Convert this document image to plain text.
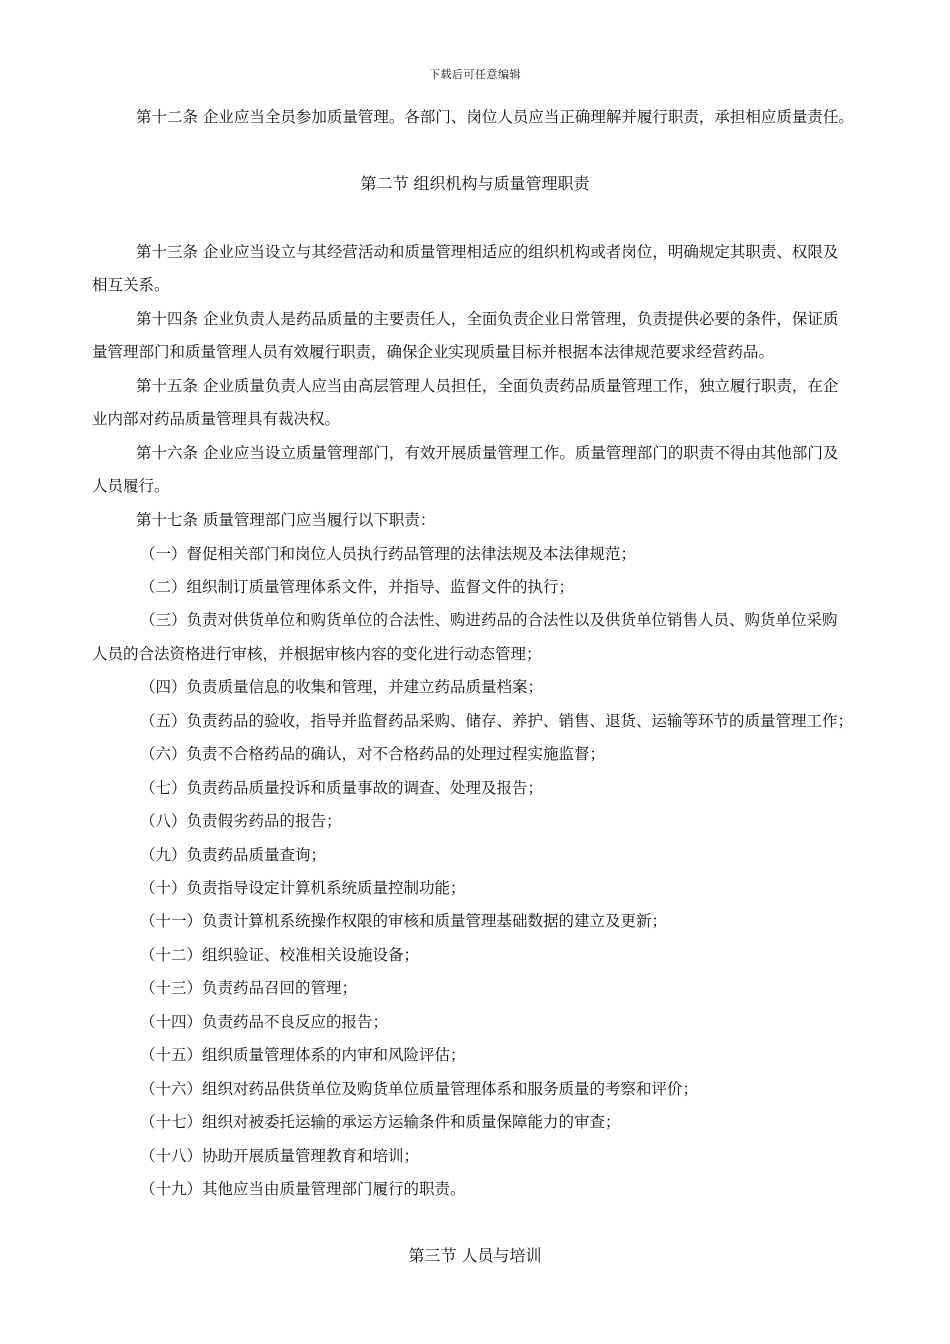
下载后可任意编辑
第十二条 企业应当全员参加质量管理。各部门、岗位人员应当正确理解并履行职责，承担相应质量责任。
第二节 组织机构与质量管理职责
第十三条 企业应当设立与其经营活动和质量管理相适应的组织机构或者岗位，明确规定其职责、权限及
相互关系。
第十四条 企业负责人是药品质量的主要责任人，全面负责企业日常管理，负责提供必要的条件，保证质
量管理部门和质量管理人员有效履行职责，确保企业实现质量目标并根据本法律规范要求经营药品。
第十五条 企业质量负责人应当由高层管理人员担任，全面负责药品质量管理工作，独立履行职责，在企
业内部对药品质量管理具有裁决权。
第十六条 企业应当设立质量管理部门，有效开展质量管理工作。质量管理部门的职责不得由其他部门及
人员履行。
第十七条 质量管理部门应当履行以下职责：
（一）督促相关部门和岗位人员执行药品管理的法律法规及本法律规范；
（二）组织制订质量管理体系文件，并指导、监督文件的执行；
（三）负责对供货单位和购货单位的合法性、购进药品的合法性以及供货单位销售人员、购货单位采购
人员的合法资格进行审核，并根据审核内容的变化进行动态管理；
（四）负责质量信息的收集和管理，并建立药品质量档案；
（五）负责药品的验收，指导并监督药品采购、储存、养护、销售、退货、运输等环节的质量管理工作；
（六）负责不合格药品的确认，对不合格药品的处理过程实施监督；
（七）负责药品质量投诉和质量事故的调查、处理及报告；
（八）负责假劣药品的报告；
（九）负责药品质量查询；
（十）负责指导设定计算机系统质量控制功能；
（十一）负责计算机系统操作权限的审核和质量管理基础数据的建立及更新；
（十二）组织验证、校准相关设施设备；
（十三）负责药品召回的管理；
（十四）负责药品不良反应的报告；
（十五）组织质量管理体系的内审和风险评估；
（十六）组织对药品供货单位及购货单位质量管理体系和服务质量的考察和评价；
（十七）组织对被委托运输的承运方运输条件和质量保障能力的审查；
（十八）协助开展质量管理教育和培训；
（十九）其他应当由质量管理部门履行的职责。
第三节 人员与培训
